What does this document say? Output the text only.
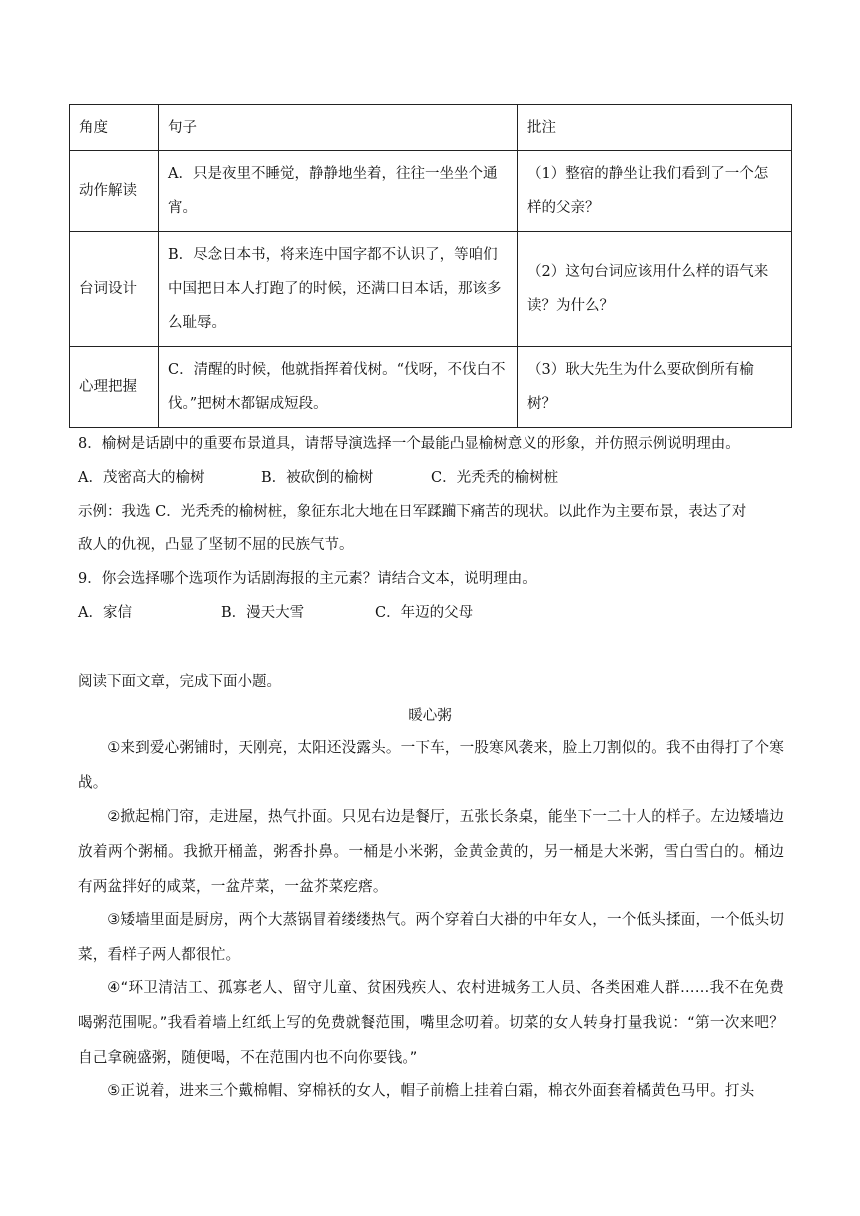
角度	句子	批注
动作解读	A．只是夜里不睡觉，静静地坐着，往往一坐坐个通宵。	（1）整宿的静坐让我们看到了一个怎样的父亲？
台词设计	B．尽念日本书，将来连中国字都不认识了，等咱们中国把日本人打跑了的时候，还满口日本话，那该多么耻辱。	（2）这句台词应该用什么样的语气来读？为什么？
心理把握	C．清醒的时候，他就指挥着伐树。“伐呀，不伐白不伐。”把树木都锯成短段。	（3）耿大先生为什么要砍倒所有榆树？
8．榆树是话剧中的重要布景道具，请帮导演选择一个最能凸显榆树意义的形象，并仿照示例说明理由。
A．茂密高大的榆树	B．被砍倒的榆树	C．光秃秃的榆树桩
示例：我选 C．光秃秃的榆树桩，象征东北大地在日军蹂躏下痛苦的现状。以此作为主要布景，表达了对
敌人的仇视，凸显了坚韧不屈的民族气节。
9．你会选择哪个选项作为话剧海报的主元素？请结合文本，说明理由。
A．家信	B．漫天大雪	C．年迈的父母
阅读下面文章，完成下面小题。
暖心粥
①来到爱心粥铺时，天刚亮，太阳还没露头。一下车，一股寒风袭来，脸上刀割似的。我不由得打了个寒战。
②掀起棉门帘，走进屋，热气扑面。只见右边是餐厅，五张长条桌，能坐下一二十人的样子。左边矮墙边放着两个粥桶。我掀开桶盖，粥香扑鼻。一桶是小米粥，金黄金黄的，另一桶是大米粥，雪白雪白的。桶边有两盆拌好的咸菜，一盆芹菜，一盆芥菜疙瘩。
③矮墙里面是厨房，两个大蒸锅冒着缕缕热气。两个穿着白大褂的中年女人，一个低头揉面，一个低头切菜，看样子两人都很忙。
④“环卫清洁工、孤寡老人、留守儿童、贫困残疾人、农村进城务工人员、各类困难人群……我不在免费喝粥范围呢。”我看着墙上红纸上写的免费就餐范围，嘴里念叨着。切菜的女人转身打量我说：“第一次来吧？自己拿碗盛粥，随便喝，不在范围内也不向你要钱。”
⑤正说着，进来三个戴棉帽、穿棉袄的女人，帽子前檐上挂着白霜，棉衣外面套着橘黄色马甲。打头
